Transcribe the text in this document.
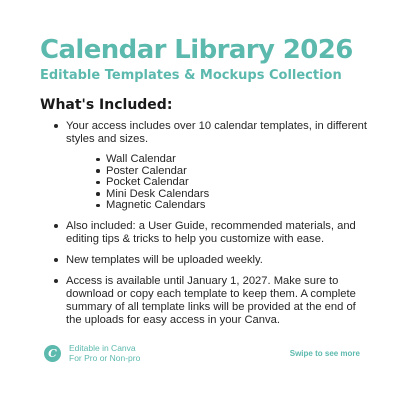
Calendar Library 2026
Editable Templates & Mockups Collection
What's Included:
Your access includes over 10 calendar templates, in different styles and sizes.
Wall Calendar
Poster Calendar
Pocket Calendar
Mini Desk Calendars
Magnetic Calendars
Also included: a User Guide, recommended materials, and editing tips & tricks to help you customize with ease.
New templates will be uploaded weekly.
Access is available until January 1, 2027. Make sure to download or copy each template to keep them. A complete summary of all template links will be provided at the end of the uploads for easy access in your Canva.
C	Editable in Canva
For Pro or Non-pro	Swipe to see more
